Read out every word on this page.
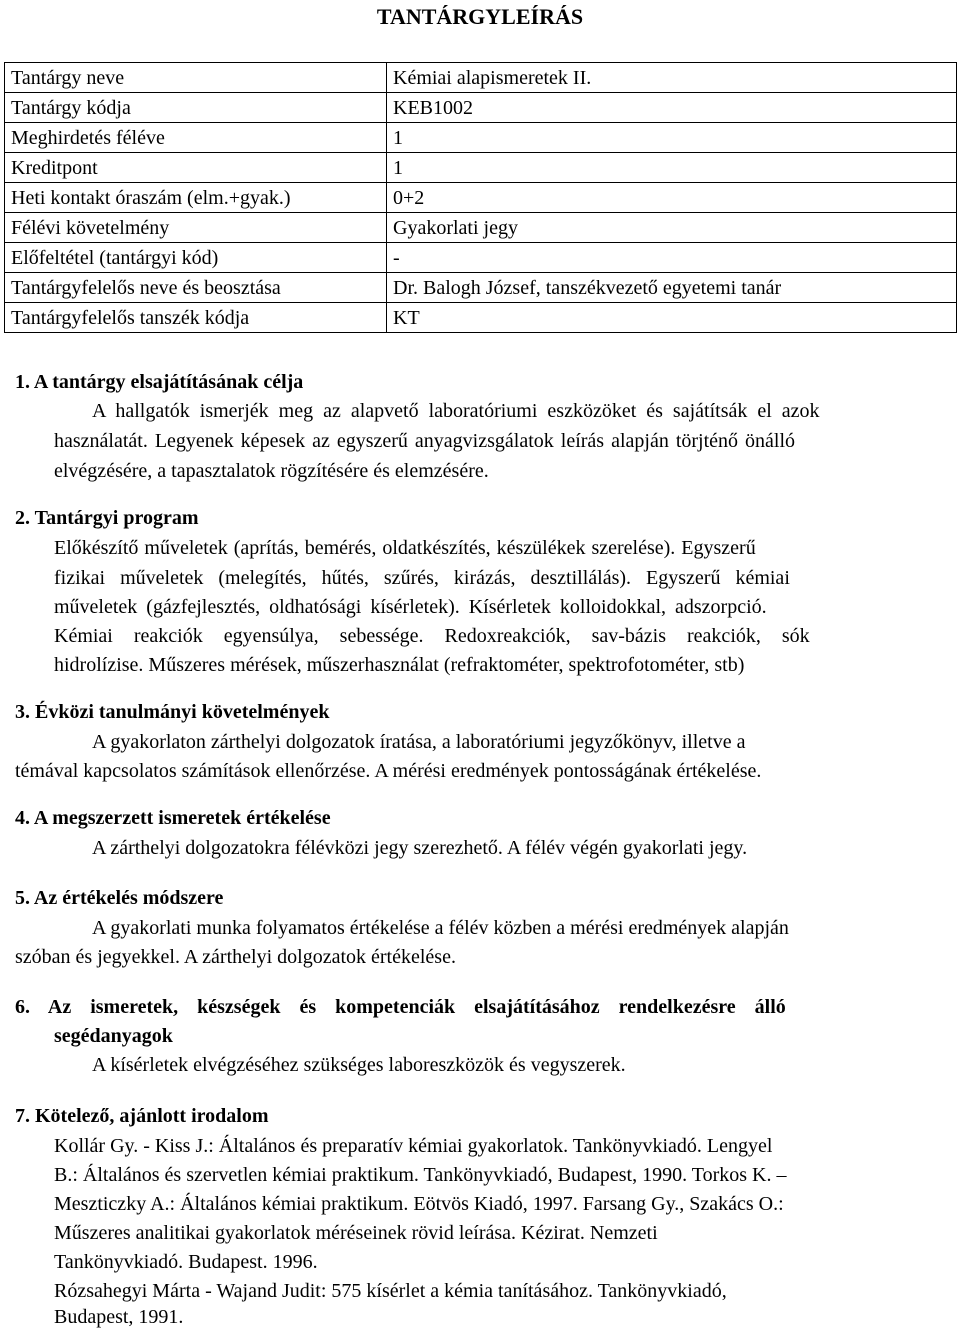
TANTÁRGYLEÍRÁS
Tantárgy neve	Kémiai alapismeretek II.
Tantárgy kódja	KEB1002
Meghirdetés féléve	1
Kreditpont	1
Heti kontakt óraszám (elm.+gyak.)	0+2
Félévi követelmény	Gyakorlati jegy
Előfeltétel (tantárgyi kód)	-
Tantárgyfelelős neve és beosztása	Dr. Balogh József, tanszékvezető egyetemi tanár
Tantárgyfelelős tanszék kódja	KT
1. A tantárgy elsajátításának célja
A hallgatók ismerjék meg az alapvető laboratóriumi eszközöket és sajátítsák el azok
használatát. Legyenek képesek az egyszerű anyagvizsgálatok leírás alapján törjténő önálló
elvégzésére, a tapasztalatok rögzítésére és elemzésére.
2. Tantárgyi program
Előkészítő műveletek (aprítás, bemérés, oldatkészítés, készülékek szerelése). Egyszerű
fizikai műveletek (melegítés, hűtés, szűrés, kirázás, desztillálás). Egyszerű kémiai
műveletek (gázfejlesztés, oldhatósági kísérletek). Kísérletek kolloidokkal, adszorpció.
Kémiai reakciók egyensúlya, sebessége. Redoxreakciók, sav-bázis reakciók, sók
hidrolízise. Műszeres mérések, műszerhasználat (refraktométer, spektrofotométer, stb)
3. Évközi tanulmányi követelmények
A gyakorlaton zárthelyi dolgozatok íratása, a laboratóriumi jegyzőkönyv, illetve a
témával kapcsolatos számítások ellenőrzése. A mérési eredmények pontosságának értékelése.
4. A megszerzett ismeretek értékelése
A zárthelyi dolgozatokra félévközi jegy szerezhető. A félév végén gyakorlati jegy.
5. Az értékelés módszere
A gyakorlati munka folyamatos értékelése a félév közben a mérési eredmények alapján
szóban és jegyekkel. A zárthelyi dolgozatok értékelése.
6. Az ismeretek, készségek és kompetenciák elsajátításához rendelkezésre álló
segédanyagok
A kísérletek elvégzéséhez szükséges laboreszközök és vegyszerek.
7. Kötelező, ajánlott irodalom
Kollár Gy. - Kiss J.: Általános és preparatív kémiai gyakorlatok. Tankönyvkiadó. Lengyel
B.: Általános és szervetlen kémiai praktikum. Tankönyvkiadó, Budapest, 1990. Torkos K. –
Meszticzky A.: Általános kémiai praktikum. Eötvös Kiadó, 1997. Farsang Gy., Szakács O.:
Műszeres analitikai gyakorlatok méréseinek rövid leírása. Kézirat. Nemzeti
Tankönyvkiadó. Budapest. 1996.
Rózsahegyi Márta - Wajand Judit: 575 kísérlet a kémia tanításához. Tankönyvkiadó,
Budapest, 1991.
